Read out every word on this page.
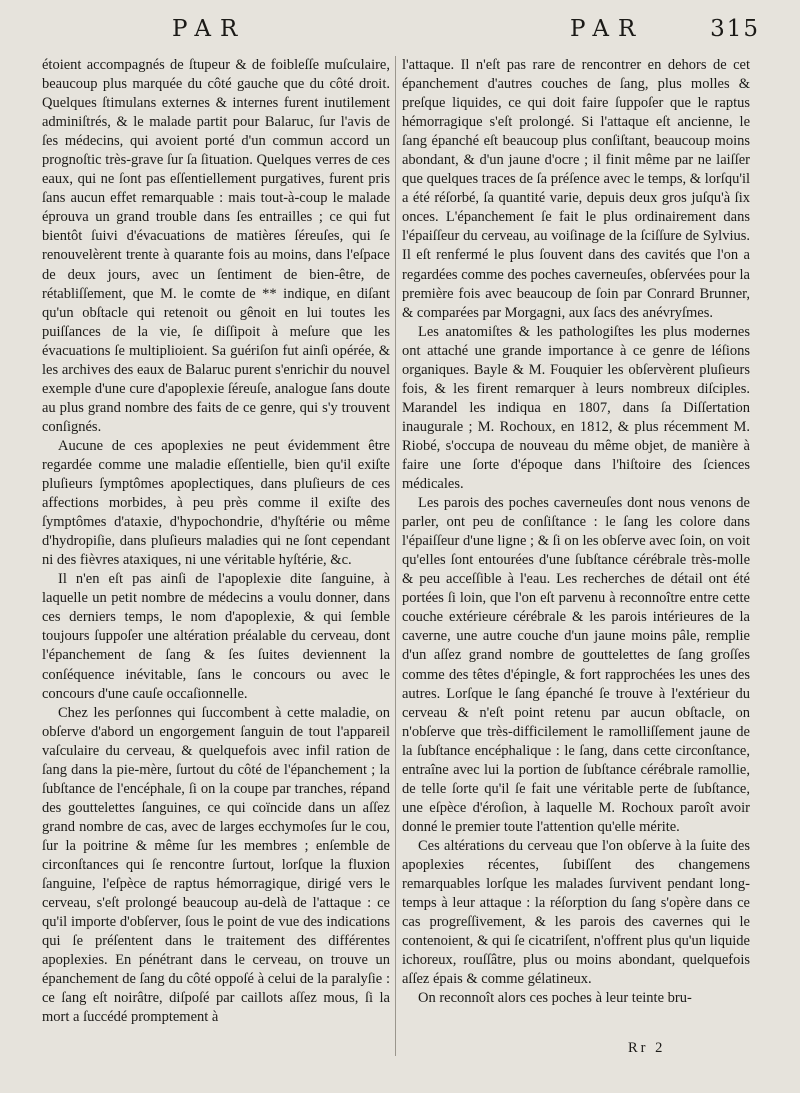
PAR	PAR	315

étoient accompagnés de ſtupeur & de foibleſſe muſculaire, beaucoup plus marquée du côté gauche que du côté droit. Quelques ſtimulans externes & internes furent inutilement adminiſtrés, & le malade partit pour Balaruc, ſur l'avis de ſes médecins, qui avoient porté d'un commun accord un prognoſtic très-grave ſur ſa ſituation. Quelques verres de ces eaux, qui ne ſont pas eſſentiellement purgatives, furent pris ſans aucun effet remarquable : mais tout-à-coup le malade éprouva un grand trouble dans ſes entrailles ; ce qui fut bientôt ſuivi d'évacuations de matières ſéreuſes, qui ſe renouvelèrent trente à quarante fois au moins, dans l'eſpace de deux jours, avec un ſentiment de bien-être, de rétabliſſement, que M. le comte de ** indique, en diſant qu'un obſtacle qui retenoit ou gênoit en lui toutes les puiſſances de la vie, ſe diſſipoit à meſure que les évacuations ſe multiplioient. Sa guériſon fut ainſi opérée, & les archives des eaux de Balaruc purent s'enrichir du nouvel exemple d'une cure d'apoplexie ſéreuſe, analogue ſans doute au plus grand nombre des faits de ce genre, qui s'y trouvent conſignés.

Aucune de ces apoplexies ne peut évidemment être regardée comme une maladie eſſentielle, bien qu'il exiſte pluſieurs ſymptômes apoplectiques, dans pluſieurs de ces affections morbides, à peu près comme il exiſte des ſymptômes d'ataxie, d'hypochondrie, d'hyſtérie ou même d'hydropiſie, dans pluſieurs maladies qui ne ſont cependant ni des fièvres ataxiques, ni une véritable hyſtérie, &c.

Il n'en eſt pas ainſi de l'apoplexie dite ſanguine, à laquelle un petit nombre de médecins a voulu donner, dans ces derniers temps, le nom d'apoplexie, & qui ſemble toujours ſuppoſer une altération préalable du cerveau, dont l'épanchement de ſang & ſes ſuites deviennent la conſéquence inévitable, ſans le concours ou avec le concours d'une cauſe occaſionnelle.

Chez les perſonnes qui ſuccombent à cette maladie, on obſerve d'abord un engorgement ſanguin de tout l'appareil vaſculaire du cerveau, & quelquefois avec infil ration de ſang dans la pie-mère, ſurtout du côté de l'épanchement ; la ſubſtance de l'encéphale, ſi on la coupe par tranches, répand des gouttelettes ſanguines, ce qui coïncide dans un aſſez grand nombre de cas, avec de larges ecchymoſes ſur le cou, ſur la poitrine & même ſur les membres ; enſemble de circonſtances qui ſe rencontre ſurtout, lorſque la fluxion ſanguine, l'eſpèce de raptus hémorragique, dirigé vers le cerveau, s'eſt prolongé beaucoup au-delà de l'attaque : ce qu'il importe d'obſerver, ſous le point de vue des indications qui ſe préſentent dans le traitement des différentes apoplexies. En pénétrant dans le cerveau, on trouve un épanchement de ſang du côté oppoſé à celui de la paralyſie : ce ſang eſt noirâtre, diſpoſé par caillots aſſez mous, ſi la mort a ſuccédé promptement à

l'attaque. Il n'eſt pas rare de rencontrer en dehors de cet épanchement d'autres couches de ſang, plus molles & preſque liquides, ce qui doit faire ſuppoſer que le raptus hémorragique s'eſt prolongé. Si l'attaque eſt ancienne, le ſang épanché eſt beaucoup plus conſiſtant, beaucoup moins abondant, & d'un jaune d'ocre ; il finit même par ne laiſſer que quelques traces de ſa préſence avec le temps, & lorſqu'il a été réſorbé, ſa quantité varie, depuis deux gros juſqu'à ſix onces. L'épanchement ſe fait le plus ordinairement dans l'épaiſſeur du cerveau, au voiſinage de la ſciſſure de Sylvius. Il eſt renfermé le plus ſouvent dans des cavités que l'on a regardées comme des poches caverneuſes, obſervées pour la première fois avec beaucoup de ſoin par Conrard Brunner, & comparées par Morgagni, aux ſacs des anévryſmes.

Les anatomiſtes & les pathologiſtes les plus modernes ont attaché une grande importance à ce genre de léſions organiques. Bayle & M. Fouquier les obſervèrent pluſieurs fois, & les firent remarquer à leurs nombreux diſciples. Marandel les indiqua en 1807, dans ſa Diſſertation inaugurale ; M. Rochoux, en 1812, & plus récemment M. Riobé, s'occupa de nouveau du même objet, de manière à faire une ſorte d'époque dans l'hiſtoire des ſciences médicales.

Les parois des poches caverneuſes dont nous venons de parler, ont peu de conſiſtance : le ſang les colore dans l'épaiſſeur d'une ligne ; & ſi on les obſerve avec ſoin, on voit qu'elles ſont entourées d'une ſubſtance cérébrale très-molle & peu acceſſible à l'eau. Les recherches de détail ont été portées ſi loin, que l'on eſt parvenu à reconnoître entre cette couche extérieure cérébrale & les parois intérieures de la caverne, une autre couche d'un jaune moins pâle, remplie d'un aſſez grand nombre de gouttelettes de ſang groſſes comme des têtes d'épingle, & fort rapprochées les unes des autres. Lorſque le ſang épanché ſe trouve à l'extérieur du cerveau & n'eſt point retenu par aucun obſtacle, on n'obſerve que très-difficilement le ramolliſſement jaune de la ſubſtance encéphalique : le ſang, dans cette circonſtance, entraîne avec lui la portion de ſubſtance cérébrale ramollie, de telle ſorte qu'il ſe fait une véritable perte de ſubſtance, une eſpèce d'éroſion, à laquelle M. Rochoux paroît avoir donné le premier toute l'attention qu'elle mérite.

Ces altérations du cerveau que l'on obſerve à la ſuite des apoplexies récentes, ſubiſſent des changemens remarquables lorſque les malades ſurvivent pendant long-temps à leur attaque : la réſorption du ſang s'opère dans ce cas progreſſivement, & les parois des cavernes qui le contenoient, & qui ſe cicatriſent, n'offrent plus qu'un liquide ichoreux, rouſſâtre, plus ou moins abondant, quelquefois aſſez épais & comme gélatineux.

On reconnoît alors ces poches à leur teinte bru-

Rr 2
